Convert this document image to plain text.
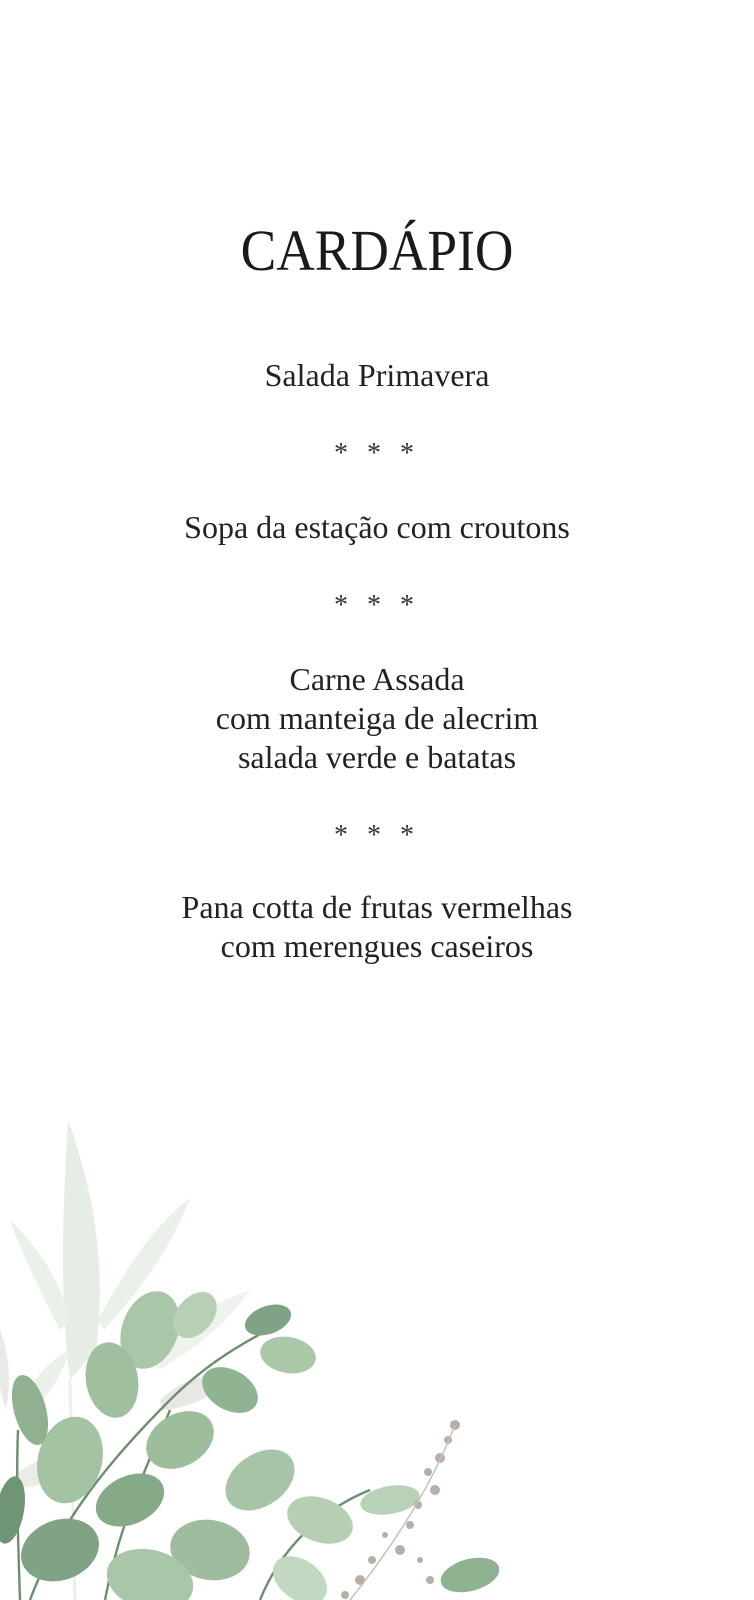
CARDÁPIO
Salada Primavera
* * *
Sopa da estação com croutons
* * *
Carne Assada
com manteiga de alecrim
salada verde e batatas
* * *
Pana cotta de frutas vermelhas
com merengues caseiros
